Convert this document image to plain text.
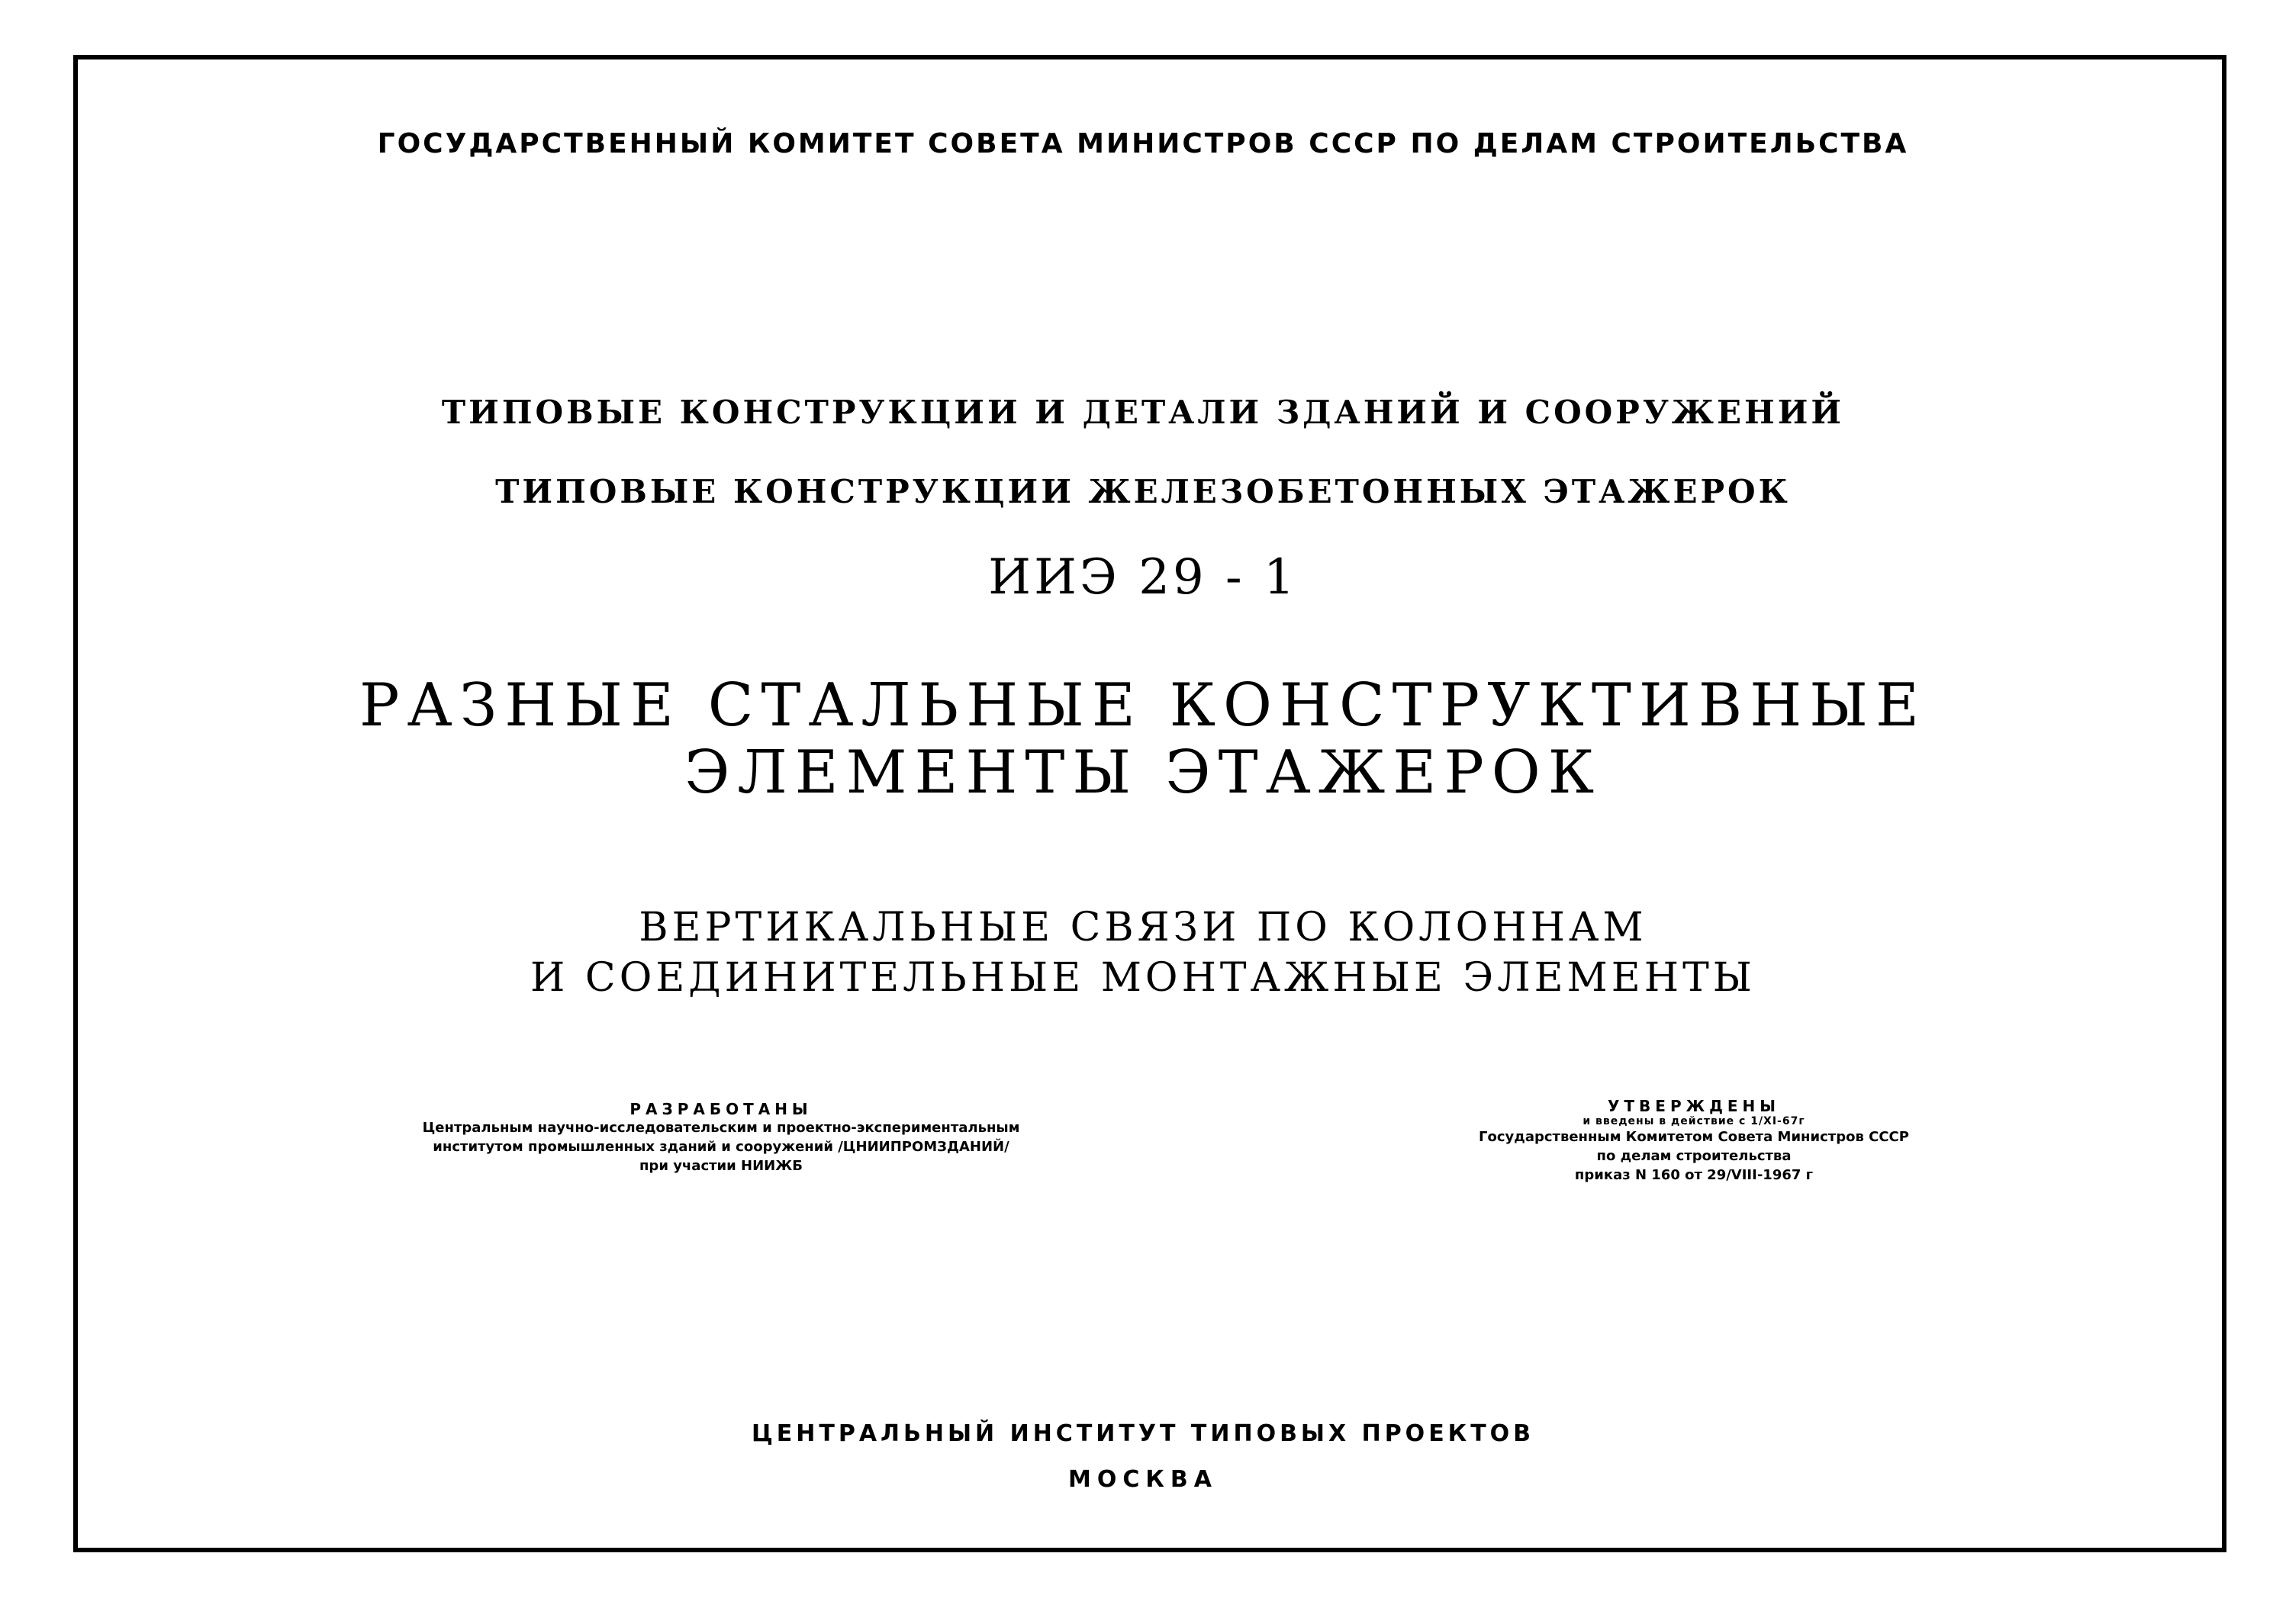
ГОСУДАРСТВЕННЫЙ КОМИТЕТ СОВЕТА МИНИСТРОВ СССР ПО ДЕЛАМ СТРОИТЕЛЬСТВА
ТИПОВЫЕ КОНСТРУКЦИИ И ДЕТАЛИ ЗДАНИЙ И СООРУЖЕНИЙ
ТИПОВЫЕ КОНСТРУКЦИИ ЖЕЛЕЗОБЕТОННЫХ ЭТАЖЕРОК
ИИЭ 29 - 1
РАЗНЫЕ СТАЛЬНЫЕ КОНСТРУКТИВНЫЕ
ЭЛЕМЕНТЫ ЭТАЖЕРОК
ВЕРТИКАЛЬНЫЕ СВЯЗИ ПО КОЛОННАМ
И СОЕДИНИТЕЛЬНЫЕ МОНТАЖНЫЕ ЭЛЕМЕНТЫ
РАЗРАБОТАНЫ
Центральным научно-исследовательским и проектно-экспериментальным
институтом промышленных зданий и сооружений /ЦНИИПРОМЗДАНИЙ/
при участии НИИЖБ
УТВЕРЖДЕНЫ
и введены в действие с 1/XI-67г
Государственным Комитетом Совета Министров СССР
по делам строительства
приказ N 160 от 29/VIII-1967 г
ЦЕНТРАЛЬНЫЙ ИНСТИТУТ ТИПОВЫХ ПРОЕКТОВ
МОСКВА
